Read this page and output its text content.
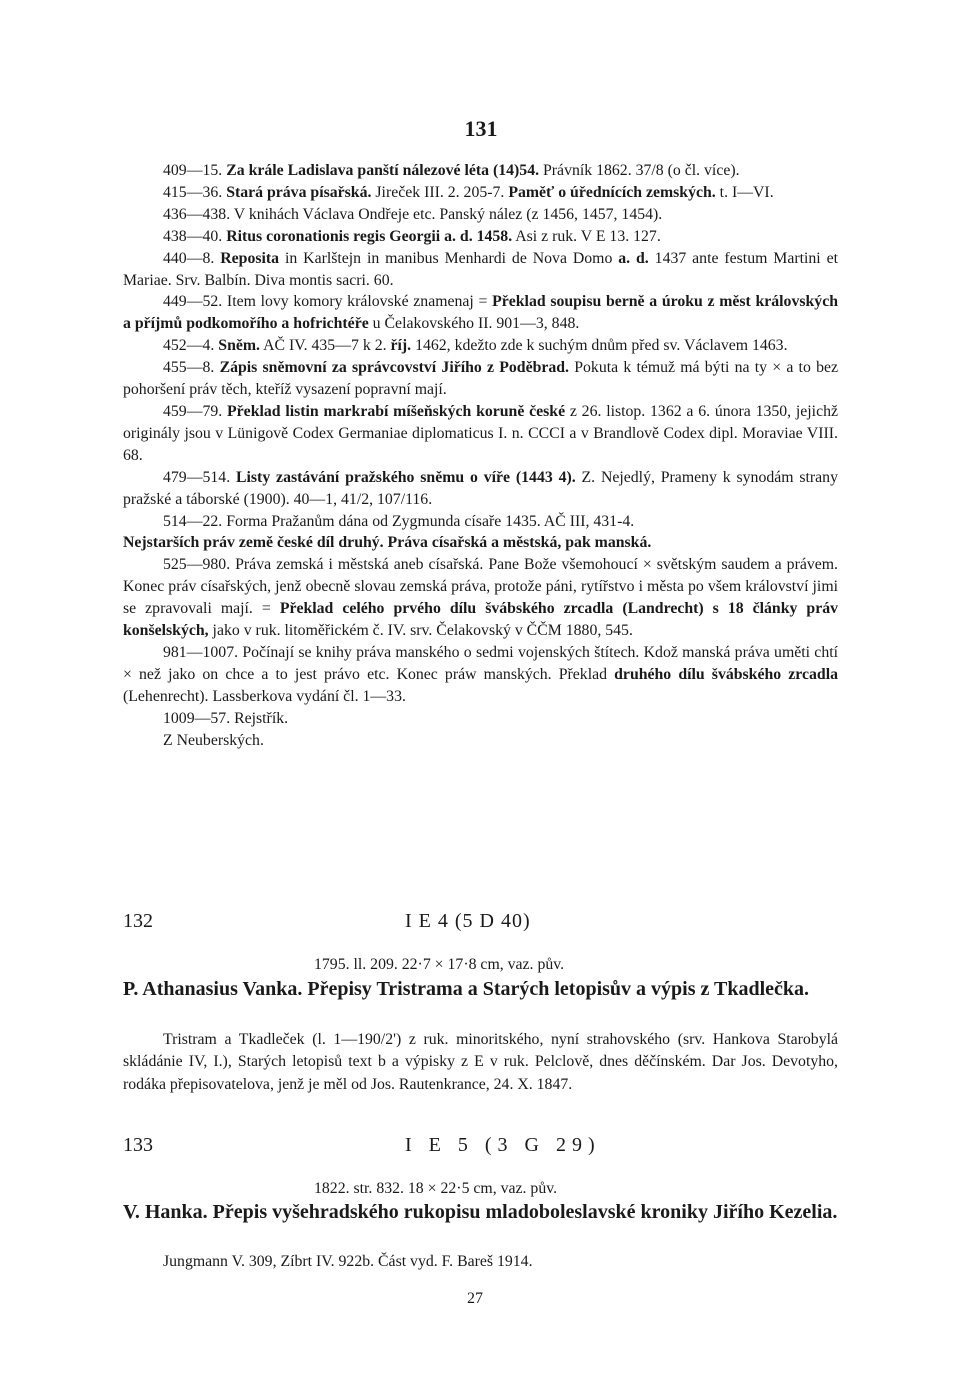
131

409—15. Za krále Ladislava panští nálezové léta (14)54. Právník 1862. 37/8 (o čl. více).

415—36. Stará práva písařská. Jireček III. 2. 205-7. Paměť o úřednících zemských. t. I—VI.

436—438. V knihách Václava Ondřeje etc. Panský nález (z 1456, 1457, 1454).

438—40. Ritus coronationis regis Georgii a. d. 1458. Asi z ruk. V E 13. 127.

440—8. Reposita in Karlštejn in manibus Menhardi de Nova Domo a. d. 1437 ante festum Martini et Mariae. Srv. Balbín. Diva montis sacri. 60.

449—52. Item lovy komory královské znamenaj = Překlad soupisu berně a úroku z měst královských a příjmů podkomořího a hofrichtéře u Čelakovského II. 901—3, 848.

452—4. Sněm. AČ IV. 435—7 k 2. říj. 1462, kdežto zde k suchým dnům před sv. Václavem 1463.

455—8. Zápis sněmovní za správcovství Jiřího z Poděbrad. Pokuta k témuž má býti na ty × a to bez pohoršení práv těch, kteříž vysazení popravní mají.

459—79. Překlad listin markrabí míšeňských koruně české z 26. listop. 1362 a 6. února 1350, jejichž originály jsou v Lünigově Codex Germaniae diplomaticus I. n. CCCI a v Brandlově Codex dipl. Moraviae VIII. 68.

479—514. Listy zastávání pražského sněmu o víře (1443 4). Z. Nejedlý, Prameny k synodám strany pražské a táborské (1900). 40—1, 41/2, 107/116.

514—22. Forma Pražanům dána od Zygmunda císaře 1435. AČ III, 431-4.

Nejstarších práv země české díl druhý. Práva císařská a městská, pak manská.

525—980. Práva zemská i městská aneb císařská. Pane Bože všemohoucí × světským saudem a právem. Konec práv císařských, jenž obecně slovau zemská práva, protože páni, rytířstvo i města po všem království jimi se zpravovali mají. = Překlad celého prvého dílu švábského zrcadla (Landrecht) s 18 články práv konšelských, jako v ruk. litoměřickém č. IV. srv. Čelakovský v ČČM 1880, 545.

981—1007. Počínají se knihy práva manského o sedmi vojenských štítech. Kdož manská práva uměti chtí × než jako on chce a to jest právo etc. Konec práw manských. Překlad druhého dílu švábského zrcadla (Lehenrecht). Lassberkova vydání čl. 1—33.

1009—57. Rejstřík.

Z Neuberských.

132	I E 4 (5 D 40)
1795. ll. 209. 22·7 × 17·8 cm, vaz. pův.
P. Athanasius Vanka. Přepisy Tristrama a Starých letopisův a výpis z Tkadlečka.
Tristram a Tkadleček (l. 1—190/2') z ruk. minoritského, nyní strahovského (srv. Hankova Starobylá skládánie IV, I.), Starých letopisů text b a výpisky z E v ruk. Pelclově, dnes děčínském. Dar Jos. Devotyho, rodáka přepisovatelova, jenž je měl od Jos. Rautenkrance, 24. X. 1847.
133	I E 5 (3 G 29)
1822. str. 832. 18 × 22·5 cm, vaz. pův.
V. Hanka. Přepis vyšehradského rukopisu mladoboleslavské kroniky Jiřího Kezelia.
Jungmann V. 309, Zíbrt IV. 922b. Část vyd. F. Bareš 1914.
27
